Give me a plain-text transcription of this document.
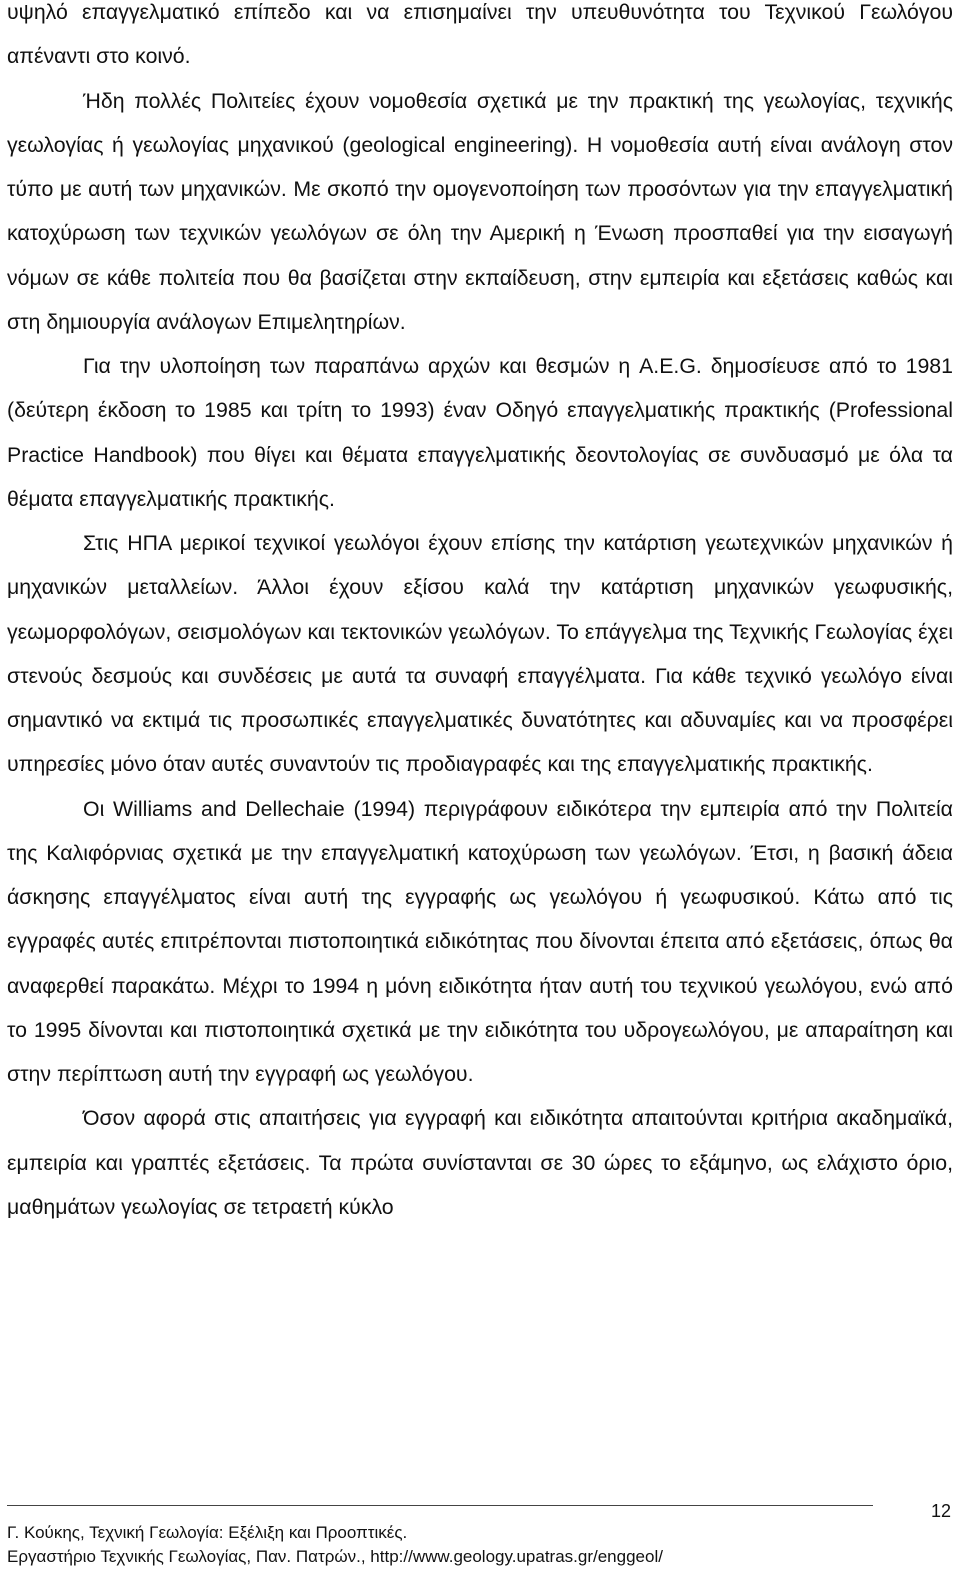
υψηλό επαγγελματικό επίπεδο και να επισημαίνει την υπευθυνότητα του Τεχνικού Γεωλόγου απέναντι στο κοινό.

Ήδη πολλές Πολιτείες έχουν νομοθεσία σχετικά με την πρακτική της γεωλογίας, τεχνικής γεωλογίας ή γεωλογίας μηχανικού (geological engineering). Η νομοθεσία αυτή είναι ανάλογη στον τύπο με αυτή των μηχανικών. Με σκοπό την ομογενοποίηση των προσόντων για την επαγγελματική κατοχύρωση των τεχνικών γεωλόγων σε όλη την Αμερική η Ένωση προσπαθεί για την εισαγωγή νόμων σε κάθε πολιτεία που θα βασίζεται στην εκπαίδευση, στην εμπειρία και εξετάσεις καθώς και στη δημιουργία ανάλογων Επιμελητηρίων.

Για την υλοποίηση των παραπάνω αρχών και θεσμών η A.E.G. δημοσίευσε από το 1981 (δεύτερη έκδοση το 1985 και τρίτη το 1993) έναν Οδηγό επαγγελματικής πρακτικής (Professional Practice Handbook) που θίγει και θέματα επαγγελματικής δεοντολογίας σε συνδυασμό με όλα τα θέματα επαγγελματικής πρακτικής.

Στις ΗΠΑ μερικοί τεχνικοί γεωλόγοι έχουν επίσης την κατάρτιση γεωτεχνικών μηχανικών ή μηχανικών μεταλλείων. Άλλοι έχουν εξίσου καλά την κατάρτιση μηχανικών γεωφυσικής, γεωμορφολόγων, σεισμολόγων και τεκτονικών γεωλόγων. Το επάγγελμα της Τεχνικής Γεωλογίας έχει στενούς δεσμούς και συνδέσεις με αυτά τα συναφή επαγγέλματα. Για κάθε τεχνικό γεωλόγο είναι σημαντικό να εκτιμά τις προσωπικές επαγγελματικές δυνατότητες και αδυναμίες και να προσφέρει υπηρεσίες μόνο όταν αυτές συναντούν τις προδιαγραφές και της επαγγελματικής πρακτικής.

Οι Williams and Dellechaie (1994) περιγράφουν ειδικότερα την εμπειρία από την Πολιτεία της Καλιφόρνιας σχετικά με την επαγγελματική κατοχύρωση των γεωλόγων. Έτσι, η βασική άδεια άσκησης επαγγέλματος είναι αυτή της εγγραφής ως γεωλόγου ή γεωφυσικού. Κάτω από τις εγγραφές αυτές επιτρέπονται πιστοποιητικά ειδικότητας που δίνονται έπειτα από εξετάσεις, όπως θα αναφερθεί παρακάτω. Μέχρι το 1994 η μόνη ειδικότητα ήταν αυτή του τεχνικού γεωλόγου, ενώ από το 1995 δίνονται και πιστοποιητικά σχετικά με την ειδικότητα του υδρογεωλόγου, με απαραίτηση και στην περίπτωση αυτή την εγγραφή ως γεωλόγου.

Όσον αφορά στις απαιτήσεις για εγγραφή και ειδικότητα απαιτούνται κριτήρια ακαδημαϊκά, εμπειρία και γραπτές εξετάσεις. Τα πρώτα συνίστανται σε 30 ώρες το εξάμηνο, ως ελάχιστο όριο, μαθημάτων γεωλογίας σε τετραετή κύκλο

12
Γ. Κούκης, Τεχνική Γεωλογία: Εξέλιξη και Προοπτικές.
Εργαστήριο Τεχνικής Γεωλογίας, Παν. Πατρών., http://www.geology.upatras.gr/enggeol/
